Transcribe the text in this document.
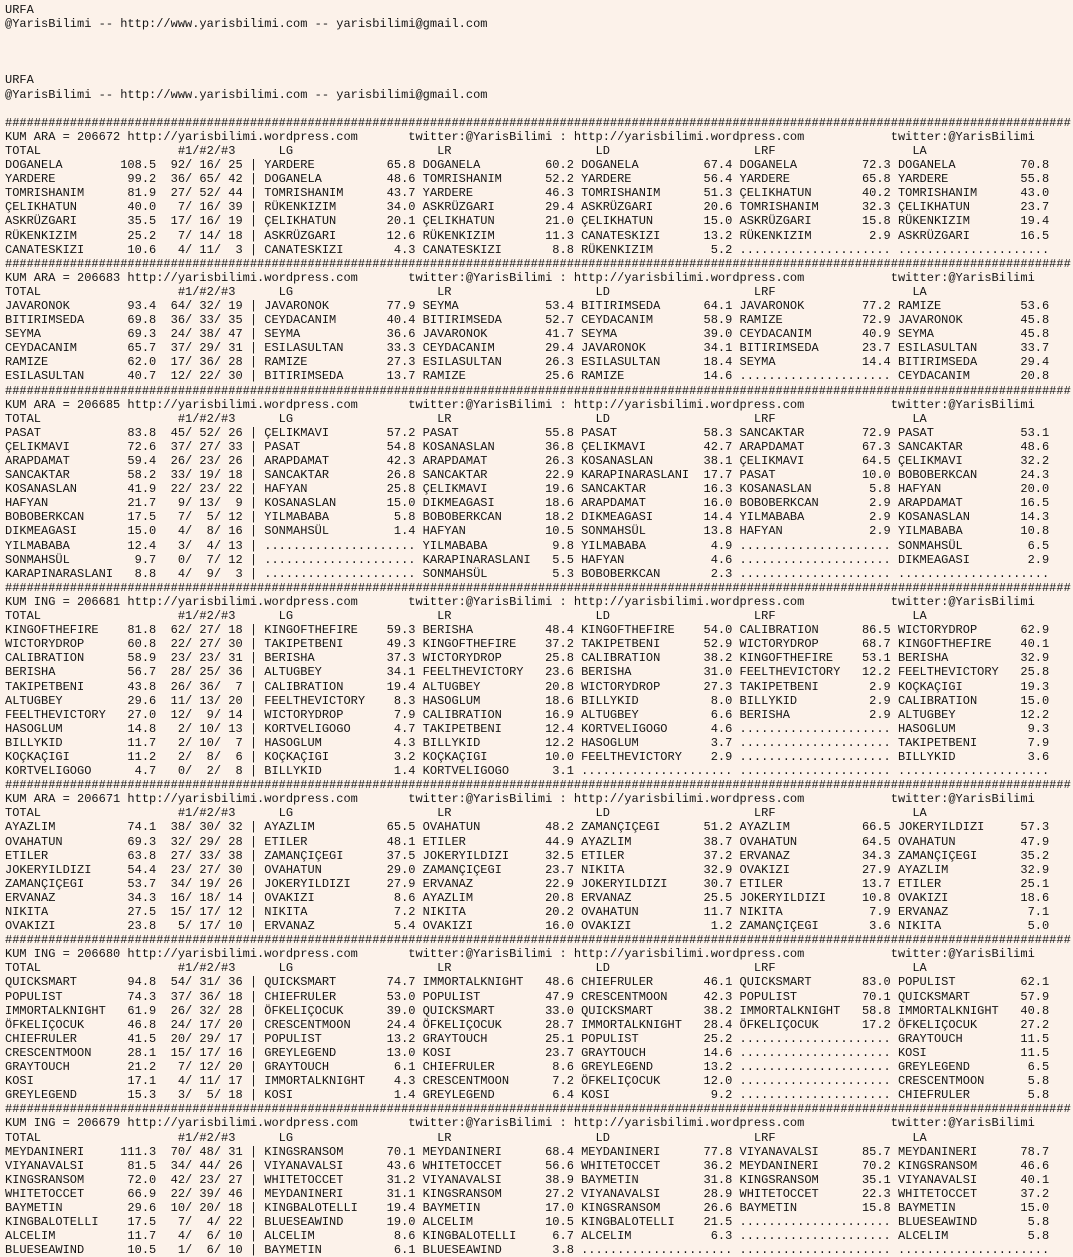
URFA
@YarisBilimi -- http://www.yarisbilimi.com -- yarisbilimi@gmail.com
URFA
@YarisBilimi -- http://www.yarisbilimi.com -- yarisbilimi@gmail.com
####################################################################################################################################################
KUM ARA = 206672 http://yarisbilimi.wordpress.com       twitter:@YarisBilimi : http://yarisbilimi.wordpress.com            twitter:@YarisBilimi
TOTAL                   #1/#2/#3      LG                    LR                    LD                    LRF                   LA
DOGANELA        108.5  92/ 16/ 25 | YARDERE          65.8 DOGANELA         60.2 DOGANELA         67.4 DOGANELA         72.3 DOGANELA         70.8
YARDERE          99.2  36/ 65/ 42 | DOGANELA         48.6 TOMRISHANIM      52.2 YARDERE          56.4 YARDERE          65.8 YARDERE          55.8
TOMRISHANIM      81.9  27/ 52/ 44 | TOMRISHANIM      43.7 YARDERE          46.3 TOMRISHANIM      51.3 ÇELIKHATUN       40.2 TOMRISHANIM      43.0
ÇELIKHATUN       40.0   7/ 16/ 39 | RÜKENKIZIM       34.0 ASKRÜZGARI       29.4 ASKRÜZGARI       20.6 TOMRISHANIM      32.3 ÇELIKHATUN       23.7
ASKRÜZGARI       35.5  17/ 16/ 19 | ÇELIKHATUN       20.1 ÇELIKHATUN       21.0 ÇELIKHATUN       15.0 ASKRÜZGARI       15.8 RÜKENKIZIM       19.4
RÜKENKIZIM       25.2   7/ 14/ 18 | ASKRÜZGARI       12.6 RÜKENKIZIM       11.3 CANATESKIZI      13.2 RÜKENKIZIM        2.9 ASKRÜZGARI       16.5
CANATESKIZI      10.6   4/ 11/  3 | CANATESKIZI       4.3 CANATESKIZI       8.8 RÜKENKIZIM        5.2 ..................... .....................
####################################################################################################################################################
KUM ARA = 206683 http://yarisbilimi.wordpress.com       twitter:@YarisBilimi : http://yarisbilimi.wordpress.com            twitter:@YarisBilimi
TOTAL                   #1/#2/#3      LG                    LR                    LD                    LRF                   LA
JAVARONOK        93.4  64/ 32/ 19 | JAVARONOK        77.9 SEYMA            53.4 BITIRIMSEDA      64.1 JAVARONOK        77.2 RAMIZE           53.6
BITIRIMSEDA      69.8  36/ 33/ 35 | CEYDACANIM       40.4 BITIRIMSEDA      52.7 CEYDACANIM       58.9 RAMIZE           72.9 JAVARONOK        45.8
SEYMA            69.3  24/ 38/ 47 | SEYMA            36.6 JAVARONOK        41.7 SEYMA            39.0 CEYDACANIM       40.9 SEYMA            45.8
CEYDACANIM       65.7  37/ 29/ 31 | ESILASULTAN      33.3 CEYDACANIM       29.4 JAVARONOK        34.1 BITIRIMSEDA      23.7 ESILASULTAN      33.7
RAMIZE           62.0  17/ 36/ 28 | RAMIZE           27.3 ESILASULTAN      26.3 ESILASULTAN      18.4 SEYMA            14.4 BITIRIMSEDA      29.4
ESILASULTAN      40.7  12/ 22/ 30 | BITIRIMSEDA      13.7 RAMIZE           25.6 RAMIZE           14.6 ..................... CEYDACANIM       20.8
####################################################################################################################################################
KUM ARA = 206685 http://yarisbilimi.wordpress.com       twitter:@YarisBilimi : http://yarisbilimi.wordpress.com            twitter:@YarisBilimi
TOTAL                   #1/#2/#3      LG                    LR                    LD                    LRF                   LA
PASAT            83.8  45/ 52/ 26 | ÇELIKMAVI        57.2 PASAT            55.8 PASAT            58.3 SANCAKTAR        72.9 PASAT            53.1
ÇELIKMAVI        72.6  37/ 27/ 33 | PASAT            54.8 KOSANASLAN       36.8 ÇELIKMAVI        42.7 ARAPDAMAT        67.3 SANCAKTAR        48.6
ARAPDAMAT        59.4  26/ 23/ 26 | ARAPDAMAT        42.3 ARAPDAMAT        26.3 KOSANASLAN       38.1 ÇELIKMAVI        64.5 ÇELIKMAVI        32.2
SANCAKTAR        58.2  33/ 19/ 18 | SANCAKTAR        26.8 SANCAKTAR        22.9 KARAPINARASLANI  17.7 PASAT            10.0 BOBOBERKCAN      24.3
KOSANASLAN       41.9  22/ 23/ 22 | HAFYAN           25.8 ÇELIKMAVI        19.6 SANCAKTAR        16.3 KOSANASLAN        5.8 HAFYAN           20.0
HAFYAN           21.7   9/ 13/  9 | KOSANASLAN       15.0 DIKMEAGASI       18.6 ARAPDAMAT        16.0 BOBOBERKCAN       2.9 ARAPDAMAT        16.5
BOBOBERKCAN      17.5   7/  5/ 12 | YILMABABA         5.8 BOBOBERKCAN      18.2 DIKMEAGASI       14.4 YILMABABA         2.9 KOSANASLAN       14.3
DIKMEAGASI       15.0   4/  8/ 16 | SONMAHSÜL         1.4 HAFYAN           10.5 SONMAHSÜL        13.8 HAFYAN            2.9 YILMABABA        10.8
YILMABABA        12.4   3/  4/ 13 | ..................... YILMABABA         9.8 YILMABABA         4.9 ..................... SONMAHSÜL         6.5
SONMAHSÜL         9.7   0/  7/ 12 | ..................... KARAPINARASLANI   5.5 HAFYAN            4.6 ..................... DIKMEAGASI        2.9
KARAPINARASLANI   8.8   4/  9/  3 | ..................... SONMAHSÜL         5.3 BOBOBERKCAN       2.3 ..................... .....................
####################################################################################################################################################
KUM ING = 206681 http://yarisbilimi.wordpress.com       twitter:@YarisBilimi : http://yarisbilimi.wordpress.com            twitter:@YarisBilimi
TOTAL                   #1/#2/#3      LG                    LR                    LD                    LRF                   LA
KINGOFTHEFIRE    81.8  62/ 27/ 18 | KINGOFTHEFIRE    59.3 BERISHA          48.4 KINGOFTHEFIRE    54.0 CALIBRATION      86.5 WICTORYDROP      62.9
WICTORYDROP      60.8  22/ 27/ 30 | TAKIPETBENI      49.3 KINGOFTHEFIRE    37.2 TAKIPETBENI      52.9 WICTORYDROP      68.7 KINGOFTHEFIRE    40.1
CALIBRATION      58.9  23/ 23/ 31 | BERISHA          37.3 WICTORYDROP      25.8 CALIBRATION      38.2 KINGOFTHEFIRE    53.1 BERISHA          32.9
BERISHA          56.7  28/ 25/ 36 | ALTUGBEY         34.1 FEELTHEVICTORY   23.6 BERISHA          31.0 FEELTHEVICTORY   12.2 FEELTHEVICTORY   25.8
TAKIPETBENI      43.8  26/ 36/  7 | CALIBRATION      19.4 ALTUGBEY         20.8 WICTORYDROP      27.3 TAKIPETBENI       2.9 KOÇKAÇIGI        19.3
ALTUGBEY         29.6  11/ 13/ 20 | FEELTHEVICTORY    8.3 HASOGLUM         18.6 BILLYKID          8.0 BILLYKID          2.9 CALIBRATION      15.0
FEELTHEVICTORY   27.0  12/  9/ 14 | WICTORYDROP       7.9 CALIBRATION      16.9 ALTUGBEY          6.6 BERISHA           2.9 ALTUGBEY         12.2
HASOGLUM         14.8   2/ 10/ 13 | KORTVELIGOGO      4.7 TAKIPETBENI      12.4 KORTVELIGOGO      4.6 ..................... HASOGLUM          9.3
BILLYKID         11.7   2/ 10/  7 | HASOGLUM          4.3 BILLYKID         12.2 HASOGLUM          3.7 ..................... TAKIPETBENI       7.9
KOÇKAÇIGI        11.2   2/  8/  6 | KOÇKAÇIGI         3.2 KOÇKAÇIGI        10.0 FEELTHEVICTORY    2.9 ..................... BILLYKID          3.6
KORTVELIGOGO      4.7   0/  2/  8 | BILLYKID          1.4 KORTVELIGOGO      3.1 ..................... ..................... .....................
####################################################################################################################################################
KUM ARA = 206671 http://yarisbilimi.wordpress.com       twitter:@YarisBilimi : http://yarisbilimi.wordpress.com            twitter:@YarisBilimi
TOTAL                   #1/#2/#3      LG                    LR                    LD                    LRF                   LA
AYAZLIM          74.1  38/ 30/ 32 | AYAZLIM          65.5 OVAHATUN         48.2 ZAMANÇIÇEGI      51.2 AYAZLIM          66.5 JOKERYILDIZI     57.3
OVAHATUN         69.3  32/ 29/ 28 | ETILER           48.1 ETILER           44.9 AYAZLIM          38.7 OVAHATUN         64.5 OVAHATUN         47.9
ETILER           63.8  27/ 33/ 38 | ZAMANÇIÇEGI      37.5 JOKERYILDIZI     32.5 ETILER           37.2 ERVANAZ          34.3 ZAMANÇIÇEGI      35.2
JOKERYILDIZI     54.4  23/ 27/ 30 | OVAHATUN         29.0 ZAMANÇIÇEGI      23.7 NIKITA           32.9 OVAKIZI          27.9 AYAZLIM          32.9
ZAMANÇIÇEGI      53.7  34/ 19/ 26 | JOKERYILDIZI     27.9 ERVANAZ          22.9 JOKERYILDIZI     30.7 ETILER           13.7 ETILER           25.1
ERVANAZ          34.3  16/ 18/ 14 | OVAKIZI           8.6 AYAZLIM          20.8 ERVANAZ          25.5 JOKERYILDIZI     10.8 OVAKIZI          18.6
NIKITA           27.5  15/ 17/ 12 | NIKITA            7.2 NIKITA           20.2 OVAHATUN         11.7 NIKITA            7.9 ERVANAZ           7.1
OVAKIZI          23.8   5/ 17/ 10 | ERVANAZ           5.4 OVAKIZI          16.0 OVAKIZI           1.2 ZAMANÇIÇEGI       3.6 NIKITA            5.0
####################################################################################################################################################
KUM ING = 206680 http://yarisbilimi.wordpress.com       twitter:@YarisBilimi : http://yarisbilimi.wordpress.com            twitter:@YarisBilimi
TOTAL                   #1/#2/#3      LG                    LR                    LD                    LRF                   LA
QUICKSMART       94.8  54/ 31/ 36 | QUICKSMART       74.7 IMMORTALKNIGHT   48.6 CHIEFRULER       46.1 QUICKSMART       83.0 POPULIST         62.1
POPULIST         74.3  37/ 36/ 18 | CHIEFRULER       53.0 POPULIST         47.9 CRESCENTMOON     42.3 POPULIST         70.1 QUICKSMART       57.9
IMMORTALKNIGHT   61.9  26/ 32/ 28 | ÖFKELIÇOCUK      39.0 QUICKSMART       33.0 QUICKSMART       38.2 IMMORTALKNIGHT   58.8 IMMORTALKNIGHT   40.8
ÖFKELIÇOCUK      46.8  24/ 17/ 20 | CRESCENTMOON     24.4 ÖFKELIÇOCUK      28.7 IMMORTALKNIGHT   28.4 ÖFKELIÇOCUK      17.2 ÖFKELIÇOCUK      27.2
CHIEFRULER       41.5  20/ 29/ 17 | POPULIST         13.2 GRAYTOUCH        25.1 POPULIST         25.2 ..................... GRAYTOUCH        11.5
CRESCENTMOON     28.1  15/ 17/ 16 | GREYLEGEND       13.0 KOSI             23.7 GRAYTOUCH        14.6 ..................... KOSI             11.5
GRAYTOUCH        21.2   7/ 12/ 20 | GRAYTOUCH         6.1 CHIEFRULER        8.6 GREYLEGEND       13.2 ..................... GREYLEGEND        6.5
KOSI             17.1   4/ 11/ 17 | IMMORTALKNIGHT    4.3 CRESCENTMOON      7.2 ÖFKELIÇOCUK      12.0 ..................... CRESCENTMOON      5.8
GREYLEGEND       15.3   3/  5/ 18 | KOSI              1.4 GREYLEGEND        6.4 KOSI              9.2 ..................... CHIEFRULER        5.8
####################################################################################################################################################
KUM ING = 206679 http://yarisbilimi.wordpress.com       twitter:@YarisBilimi : http://yarisbilimi.wordpress.com            twitter:@YarisBilimi
TOTAL                   #1/#2/#3      LG                    LR                    LD                    LRF                   LA
MEYDANINERI     111.3  70/ 48/ 31 | KINGSRANSOM      70.1 MEYDANINERI      68.4 MEYDANINERI      77.8 VIYANAVALSI      85.7 MEYDANINERI      78.7
VIYANAVALSI      81.5  34/ 44/ 26 | VIYANAVALSI      43.6 WHITETOCCET      56.6 WHITETOCCET      36.2 MEYDANINERI      70.2 KINGSRANSOM      46.6
KINGSRANSOM      72.0  42/ 23/ 27 | WHITETOCCET      31.2 VIYANAVALSI      38.9 BAYMETIN         31.8 KINGSRANSOM      35.1 VIYANAVALSI      40.1
WHITETOCCET      66.9  22/ 39/ 46 | MEYDANINERI      31.1 KINGSRANSOM      27.2 VIYANAVALSI      28.9 WHITETOCCET      22.3 WHITETOCCET      37.2
BAYMETIN         29.6  10/ 20/ 18 | KINGBALOTELLI    19.4 BAYMETIN         17.0 KINGSRANSOM      26.6 BAYMETIN         15.8 BAYMETIN         15.0
KINGBALOTELLI    17.5   7/  4/ 22 | BLUESEAWIND      19.0 ALCELIM          10.5 KINGBALOTELLI    21.5 ..................... BLUESEAWIND       5.8
ALCELIM          11.7   4/  6/ 10 | ALCELIM           8.6 KINGBALOTELLI     6.7 ALCELIM           6.3 ..................... ALCELIM           5.8
BLUESEAWIND      10.5   1/  6/ 10 | BAYMETIN          6.1 BLUESEAWIND       3.8 ..................... ..................... .....................
